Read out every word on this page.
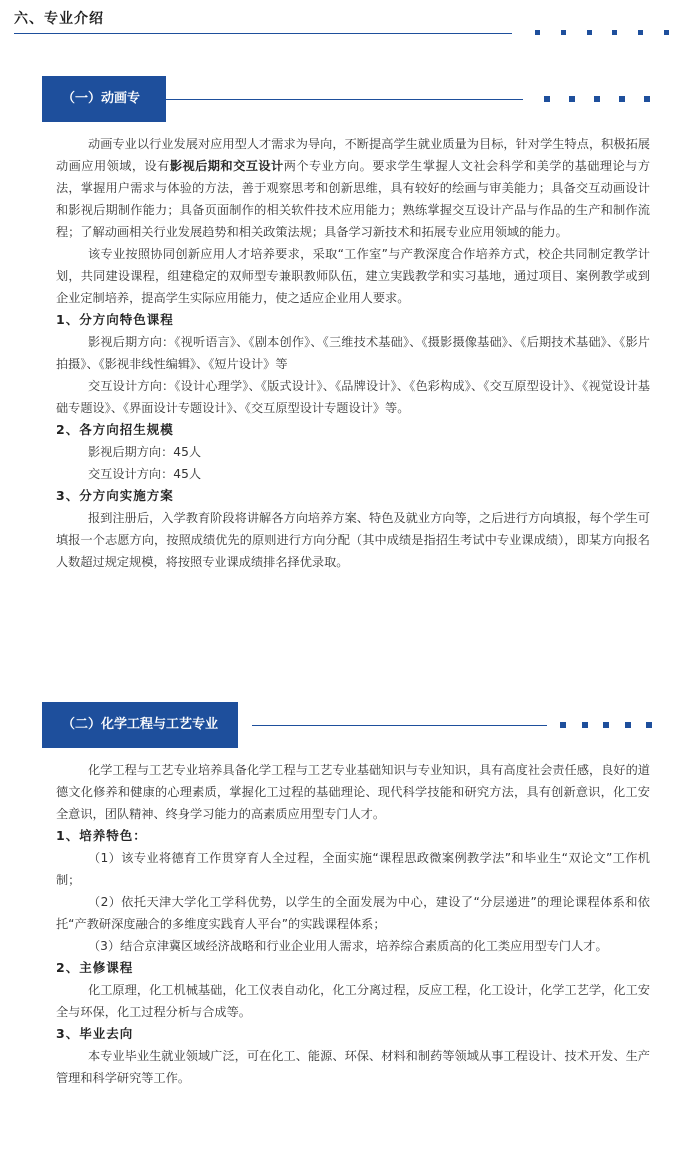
六、专业介绍
（一）动画专业	动画专业以行业发展对应用型人才需求为导向，不断提高学生就业质量为目标，针对学生特点，积极拓展动画应用领域，设有影视后期和交互设计两个专业方向。要求学生掌握人文社会科学和美学的基础理论与方法，掌握用户需求与体验的方法，善于观察思考和创新思维，具有较好的绘画与审美能力；具备交互动画设计和影视后期制作能力；具备页面制作的相关软件技术应用能力；熟练掌握交互设计产品与作品的生产和制作流程；了解动画相关行业发展趋势和相关政策法规；具备学习新技术和拓展专业应用领域的能力。

该专业按照协同创新应用人才培养要求，采取“工作室”与产教深度合作培养方式，校企共同制定教学计划，共同建设课程，组建稳定的双师型专兼职教师队伍，建立実践教学和实习基地，通过项目、案例教学或到企业定制培养，提高学生实际应用能力，使之适应企业用人要求。

1、分方向特色课程

影视后期方向：《视听语言》、《剧本创作》、《三维技术基础》、《摄影摄像基础》、《后期技术基础》、《影片拍摄》、《影视非线性编辑》、《短片设计》等

交互设计方向：《设计心理学》、《版式设计》、《品牌设计》、《色彩构成》、《交互原型设计》、《视觉设计基础专题设》、《界面设计专题设计》、《交互原型设计专题设计》等。

2、各方向招生规模

影视后期方向：45人

交互设计方向：45人

3、分方向实施方案

报到注册后，入学教育阶段将讲解各方向培养方案、特色及就业方向等，之后进行方向填报，每个学生可填报一个志愿方向，按照成绩优先的原则进行方向分配（其中成绩是指招生考试中专业课成绩），即某方向报名人数超过规定规模，将按照专业课成绩排名择优录取。

（二）化学工程与工艺专业

化学工程与工艺专业培养具备化学工程与工艺专业基础知识与专业知识，具有高度社会责任感，良好的道德文化修养和健康的心理素质，掌握化工过程的基础理论、现代科学技能和研究方法，具有创新意识，化工安全意识，团队精神、终身学习能力的高素质应用型专门人才。

1、培养特色：

（1）该专业将德育工作贯穿育人全过程，全面实施“课程思政微案例教学法”和毕业生“双论文”工作机制；

（2）依托天津大学化工学科优势，以学生的全面发展为中心，建设了“分层递进”的理论课程体系和依托“产教研深度融合的多维度实践育人平台”的实践课程体系；

（3）结合京津冀区域经济战略和行业企业用人需求，培养综合素质高的化工类应用型专门人才。

2、主修课程

化工原理，化工机械基础，化工仪表自动化，化工分离过程，反应工程，化工设计，化学工艺学，化工安全与环保，化工过程分析与合成等。

3、毕业去向

本专业毕业生就业领域广泛，可在化工、能源、环保、材料和制药等领域从事工程设计、技术开发、生产管理和科学研究等工作。
